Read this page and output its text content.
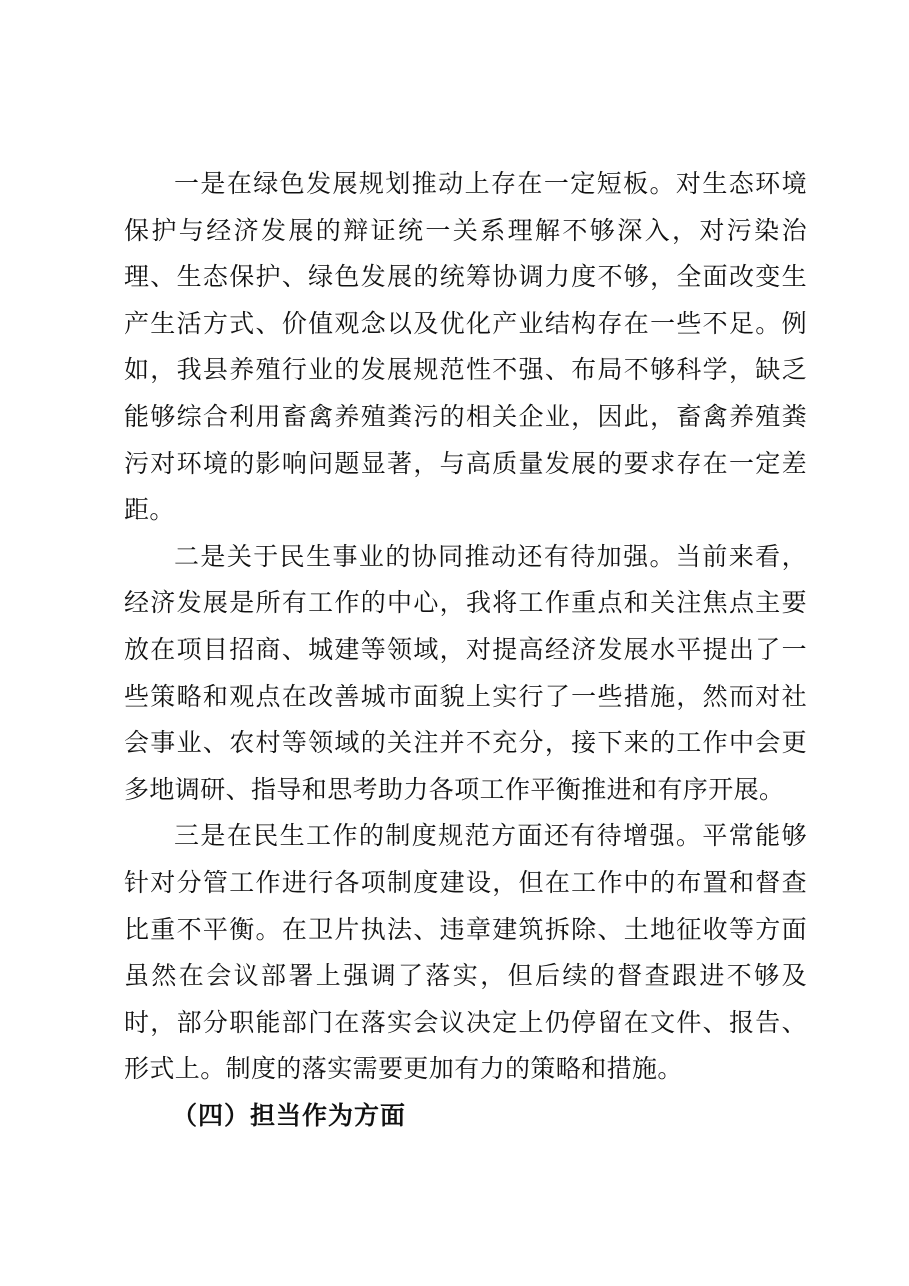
一是在绿色发展规划推动上存在一定短板。对生态环境保护与经济发展的辩证统一关系理解不够深入，对污染治理、生态保护、绿色发展的统筹协调力度不够，全面改变生产生活方式、价值观念以及优化产业结构存在一些不足。例如，我县养殖行业的发展规范性不强、布局不够科学，缺乏能够综合利用畜禽养殖粪污的相关企业，因此，畜禽养殖粪污对环境的影响问题显著，与高质量发展的要求存在一定差距。

二是关于民生事业的协同推动还有待加强。当前来看，经济发展是所有工作的中心，我将工作重点和关注焦点主要放在项目招商、城建等领域，对提高经济发展水平提出了一些策略和观点在改善城市面貌上实行了一些措施，然而对社会事业、农村等领域的关注并不充分，接下来的工作中会更多地调研、指导和思考助力各项工作平衡推进和有序开展。

三是在民生工作的制度规范方面还有待增强。平常能够针对分管工作进行各项制度建设，但在工作中的布置和督查比重不平衡。在卫片执法、违章建筑拆除、土地征收等方面虽然在会议部署上强调了落实，但后续的督查跟进不够及时，部分职能部门在落实会议决定上仍停留在文件、报告、形式上。制度的落实需要更加有力的策略和措施。

（四）担当作为方面
